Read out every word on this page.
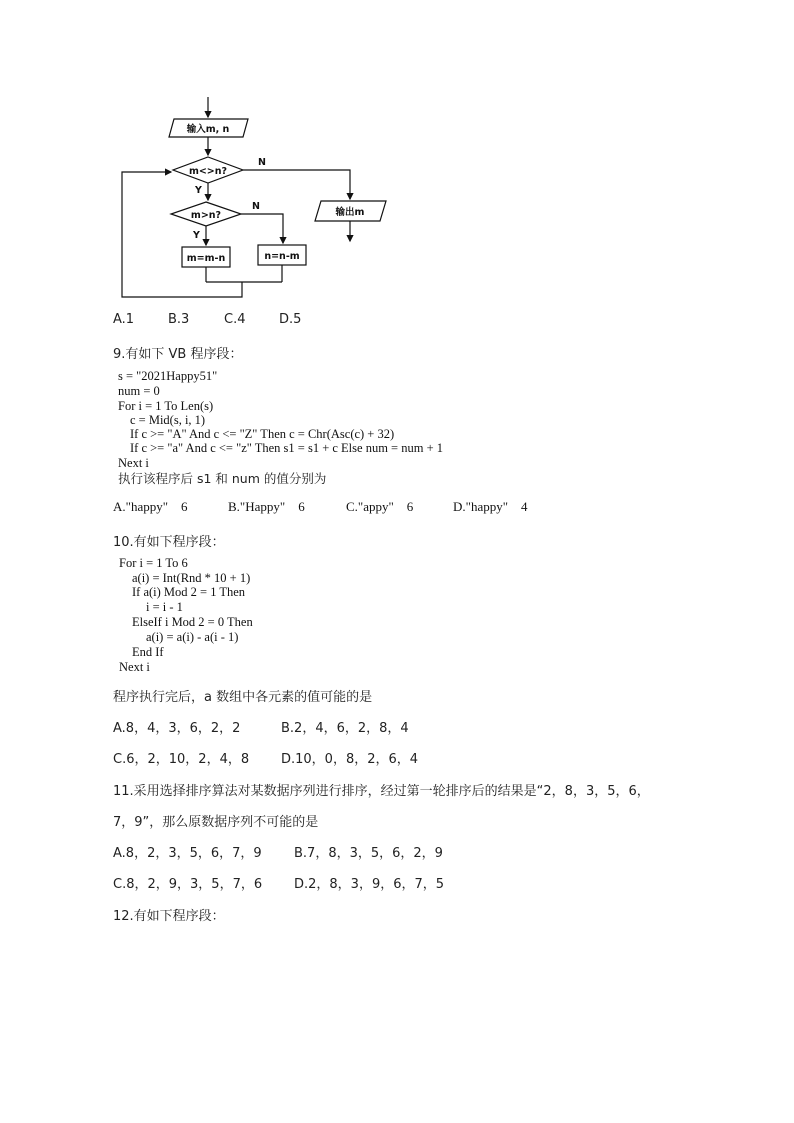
输入m, n
m<>n?
m>n?
N
N
Y
Y
m=m-n	n=n-m
输出m
A.1	B.3	C.4	D.5
9.有如下 VB 程序段：
s = "2021Happy51"
num = 0
For i = 1 To Len(s)
c = Mid(s, i, 1)
If c >= "A" And c <= "Z" Then c = Chr(Asc(c) + 32)
If c >= "a" And c <= "z" Then s1 = s1 + c Else num = num + 1
Next i
执行该程序后 s1 和 num 的值分别为
A."happy"    6	B."Happy"    6	C."appy"    6	D."happy"    4
10.有如下程序段：
For i = 1 To 6
a(i) = Int(Rnd * 10 + 1)
If a(i) Mod 2 = 1 Then
i = i - 1
ElseIf i Mod 2 = 0 Then
a(i) = a(i) - a(i - 1)
End If
Next i
程序执行完后，a 数组中各元素的值可能的是
A.8，4，3，6，2，2	B.2，4，6，2，8，4
C.6，2，10，2，4，8 D.10，0，8，2，6，4
11.采用选择排序算法对某数据序列进行排序，经过第一轮排序后的结果是“2，8，3，5，6，
7，9”，那么原数据序列不可能的是
A.8，2，3，5，6，7，9 B.7，8，3，5，6，2，9
C.8，2，9，3，5，7，6 D.2，8，3，9，6，7，5
12.有如下程序段：
